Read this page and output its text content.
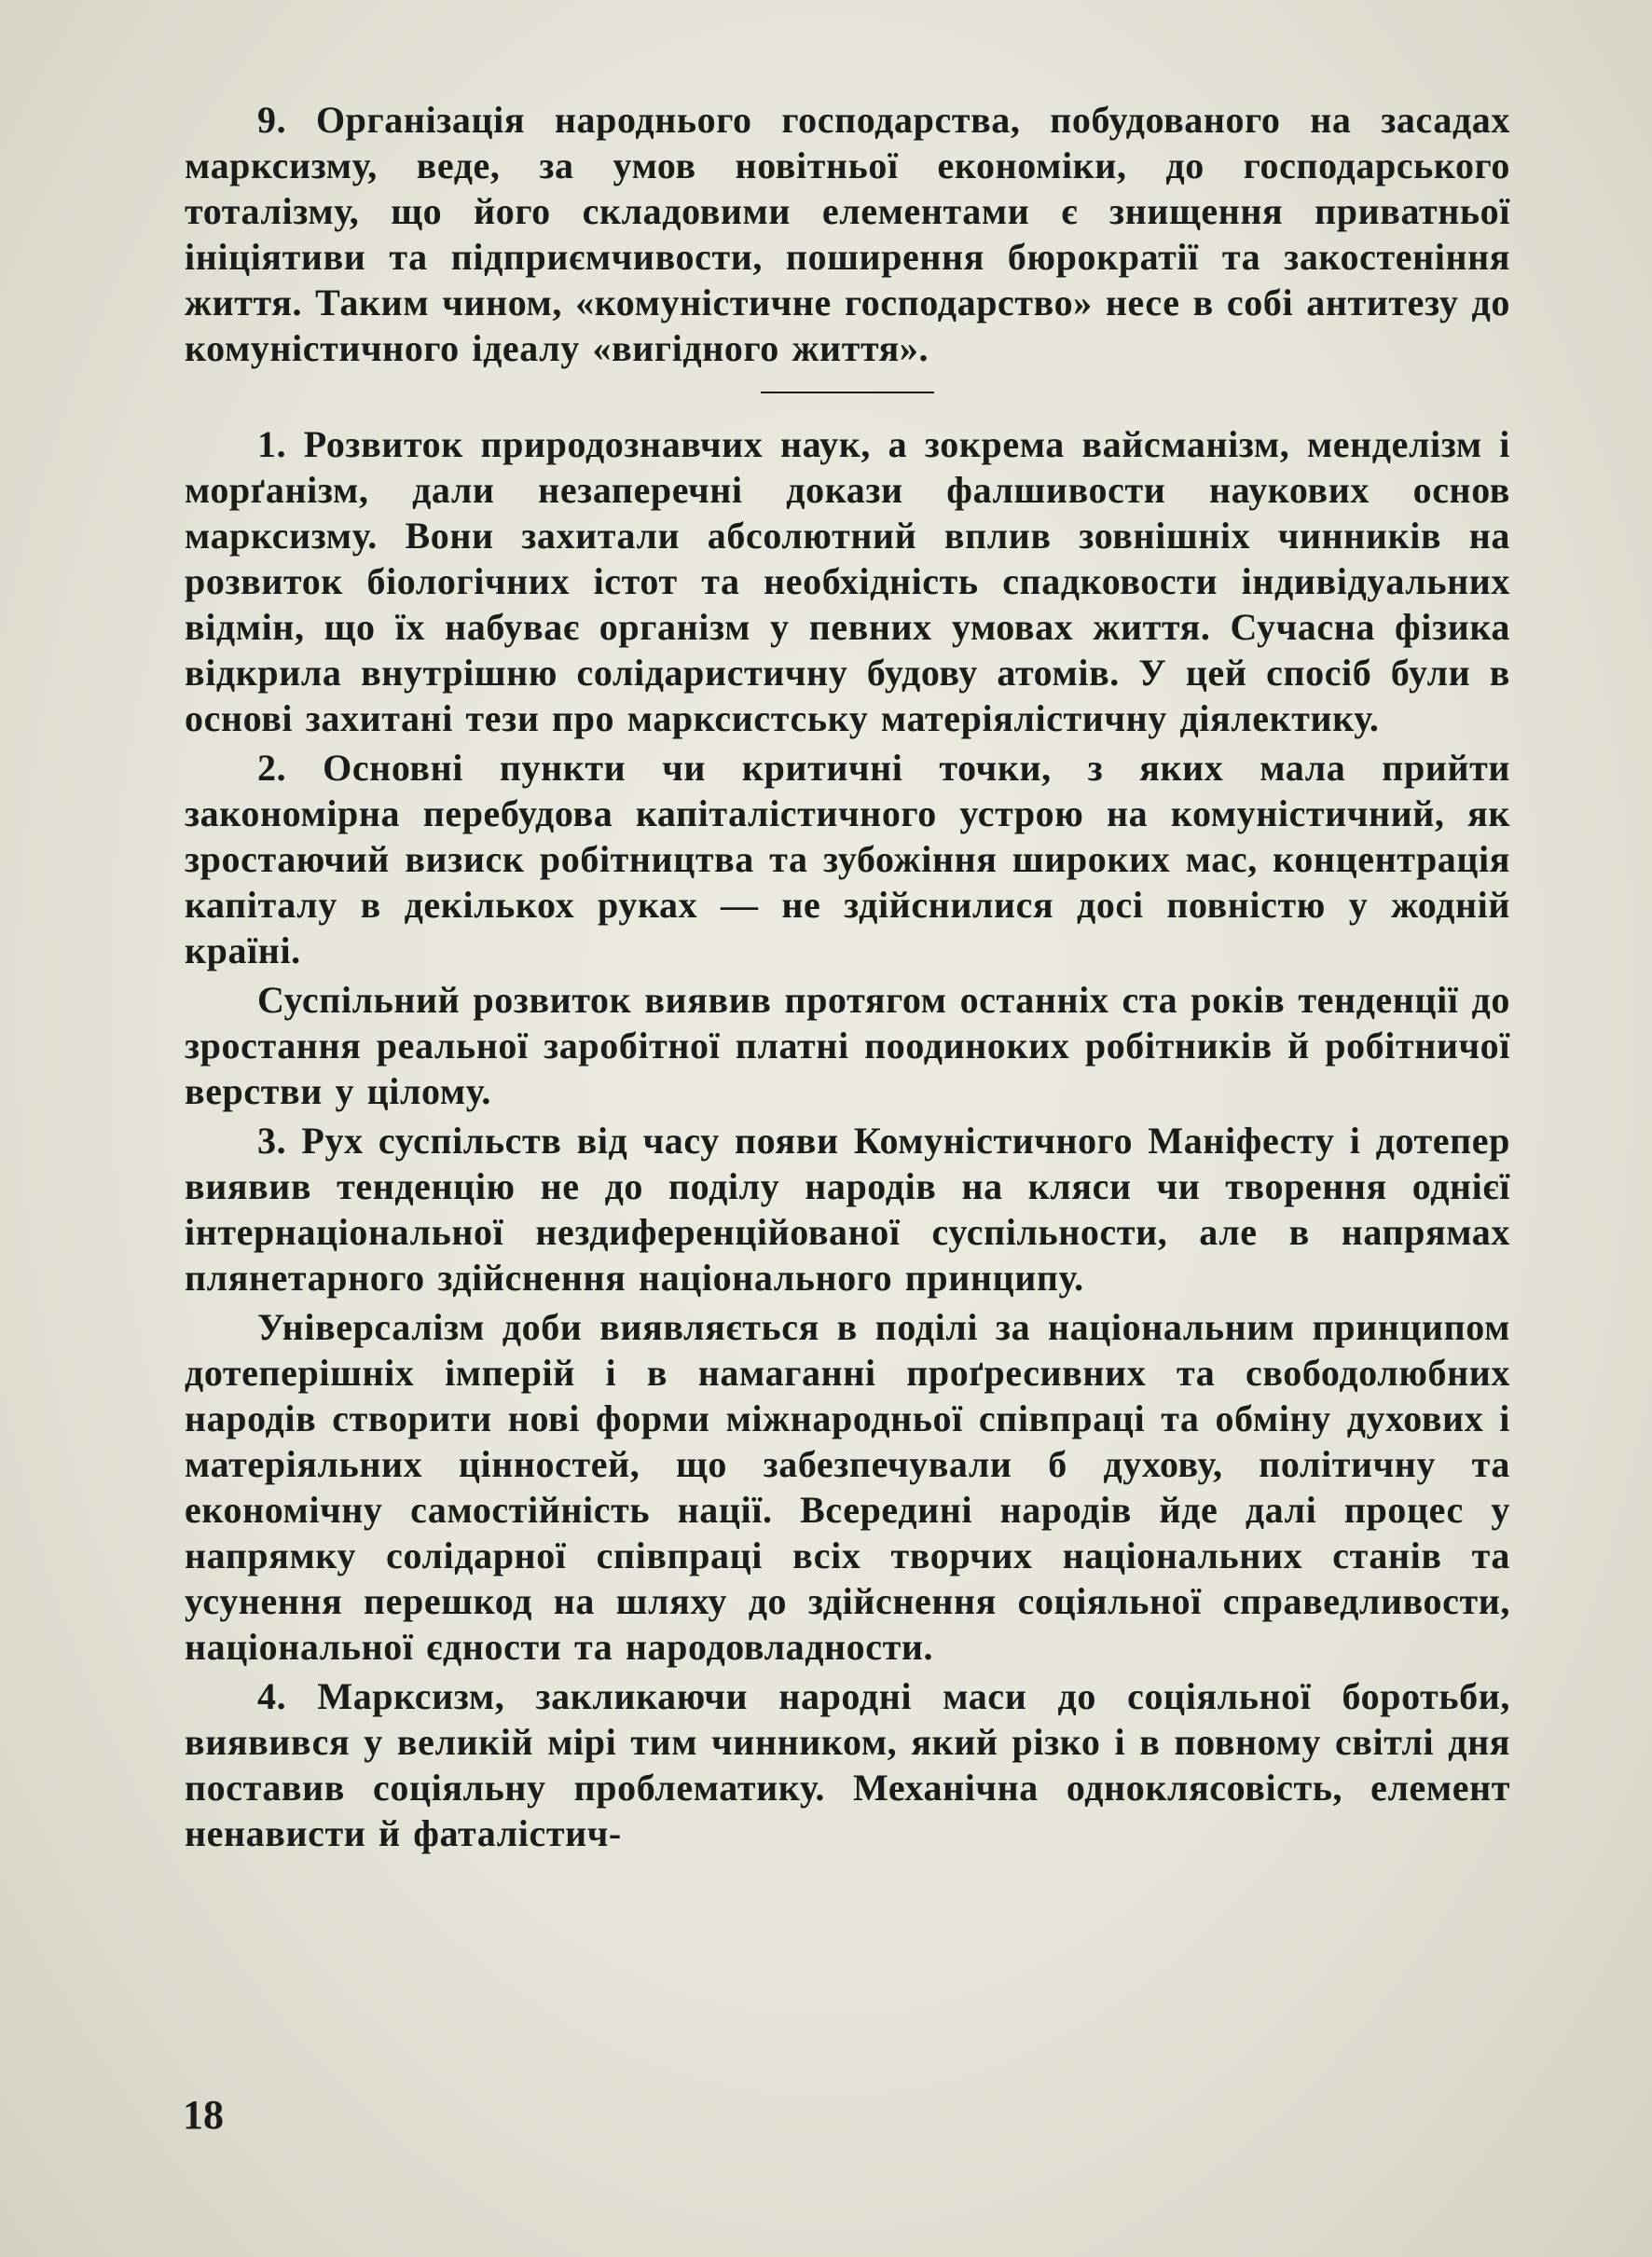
9. Організація народнього господарства, побудованого на засадах марксизму, веде, за умов новітньої економіки, до господарського тоталізму, що його складовими елементами є знищення приватньої ініціятиви та підприємчивости, поширення бюрократії та закостеніння життя. Таким чином, «комуністичне господарство» несе в собі антитезу до комуністичного ідеалу «вигідного життя».

1. Розвиток природознавчих наук, а зокрема вайсманізм, менделізм і морґанізм, дали незаперечні докази фалшивости наукових основ марксизму. Вони захитали абсолютний вплив зовнішніх чинників на розвиток біологічних істот та необхідність спадковости індивідуальних відмін, що їх набуває організм у певних умовах життя. Сучасна фізика відкрила внутрішню солідаристичну будову атомів. У цей спосіб були в основі захитані тези про марксистську матеріялістичну діялектику.

2. Основні пункти чи критичні точки, з яких мала прийти закономірна перебудова капіталістичного устрою на комуністичний, як зростаючий визиск робітництва та зубожіння широких мас, концентрація капіталу в декількох руках — не здійснилися досі повністю у жодній країні.

Суспільний розвиток виявив протягом останніх ста років тенденції до зростання реальної заробітної платні поодиноких робітників й робітничої верстви у цілому.

3. Рух суспільств від часу появи Комуністичного Маніфесту і дотепер виявив тенденцію не до поділу народів на кляси чи творення однієї інтернаціональної нездиференційованої суспільности, але в напрямах плянетарного здійснення національного принципу.

Універсалізм доби виявляється в поділі за національним принципом дотеперішніх імперій і в намаганні проґресивних та свободолюбних народів створити нові форми міжнародньої співпраці та обміну духових і матеріяльних цінностей, що забезпечували б духову, політичну та економічну самостійність нації. Всередині народів йде далі процес у напрямку солідарної співпраці всіх творчих національних станів та усунення перешкод на шляху до здійснення соціяльної справедливости, національної єдности та народовладности.

4. Марксизм, закликаючи народні маси до соціяльної боротьби, виявився у великій мірі тим чинником, який різко і в повному світлі дня поставив соціяльну проблематику. Механічна одноклясовість, елемент ненависти й фаталістич-

18
